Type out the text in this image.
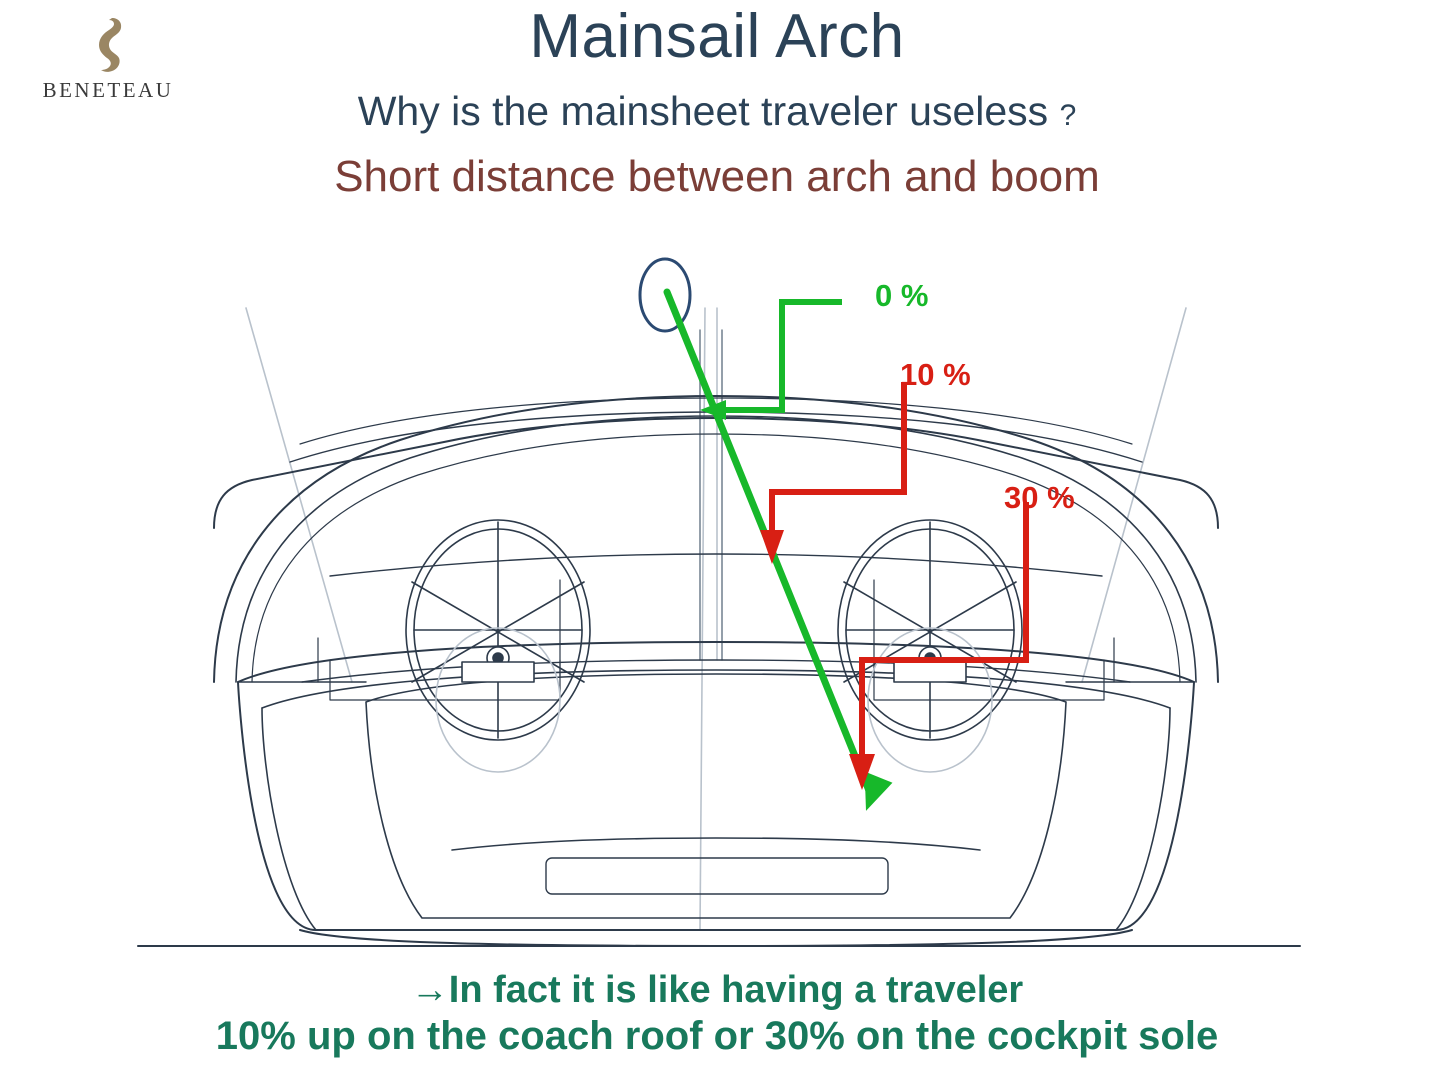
BENETEAU
Mainsail Arch
Why is the mainsheet traveler useless ?
Short distance between arch and boom
0 %
10 %
30 %
→In fact it is like having a traveler
10% up on the coach roof or 30% on the cockpit sole
